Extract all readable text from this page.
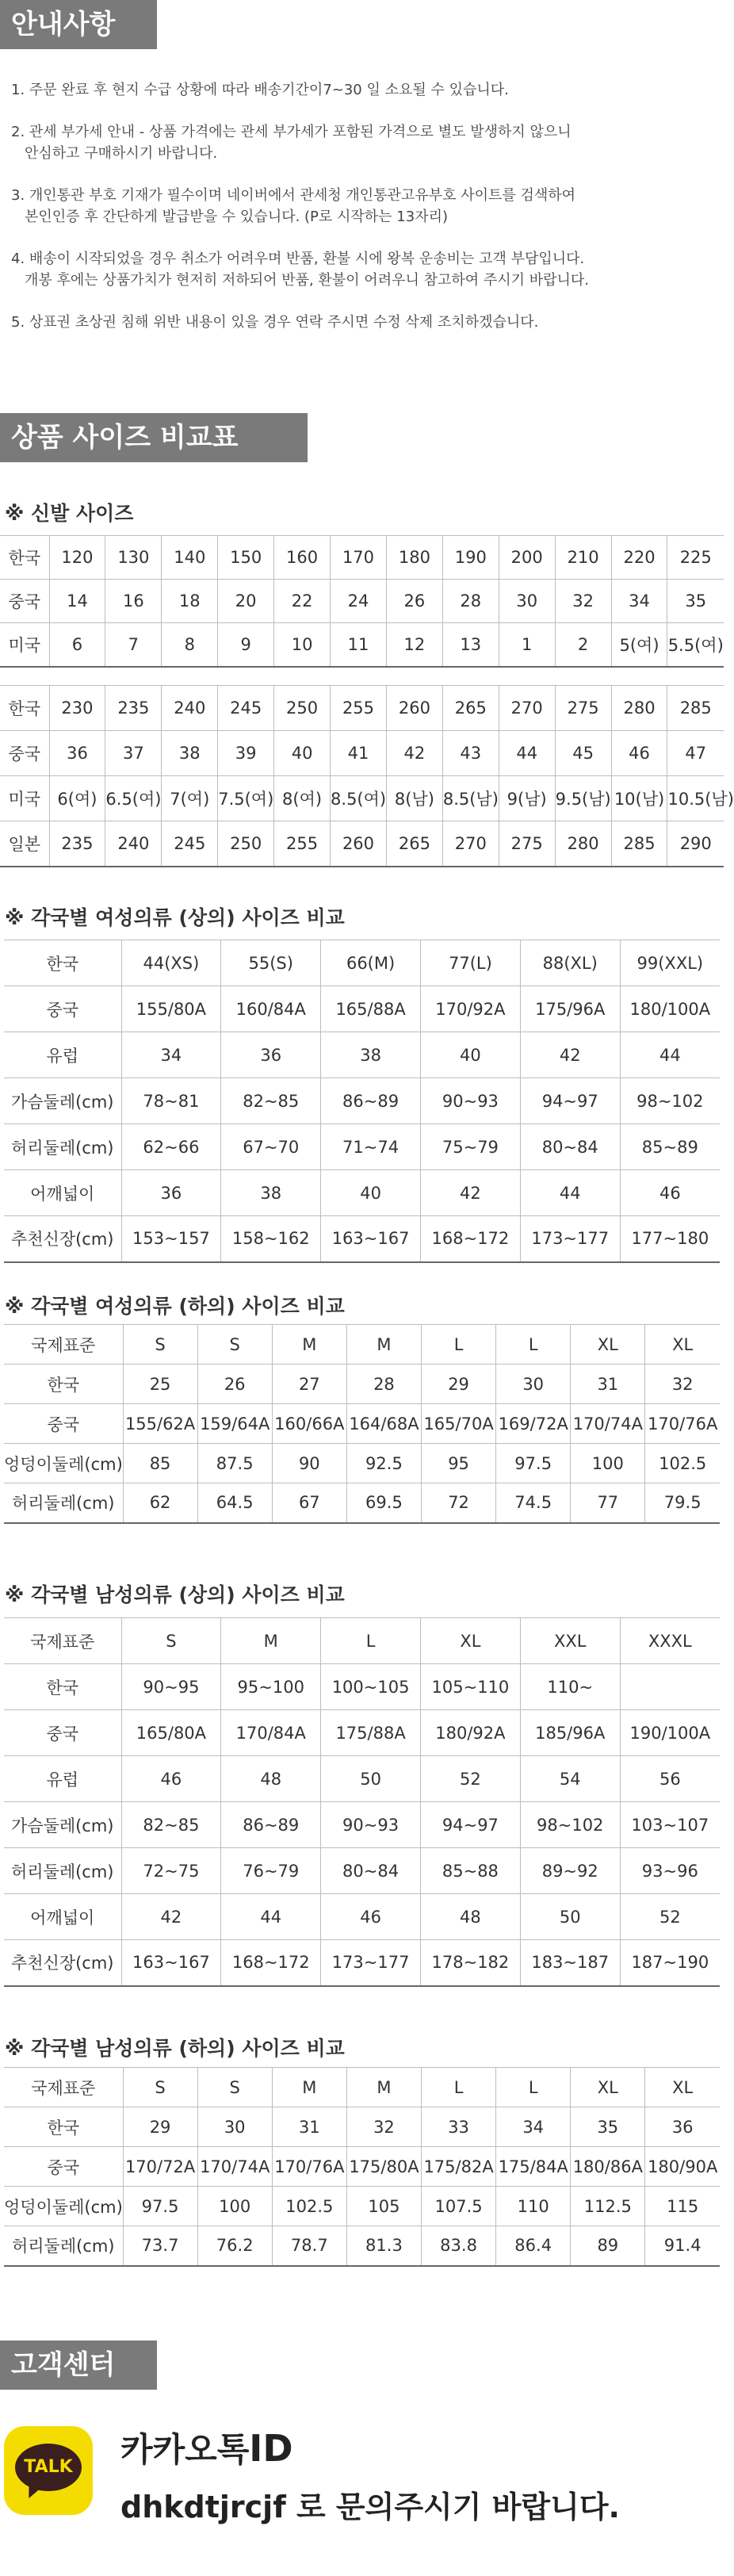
안내사항

1. 주문 완료 후 현지 수급 상황에 따라 배송기간이7~30 일 소요될 수 있습니다.

2. 관세 부가세 안내 - 상품 가격에는 관세 부가세가 포함된 가격으로 별도 발생하지 않으니
안심하고 구매하시기 바랍니다.

3. 개인통관 부호 기재가 필수이며 네이버에서 관세청 개인통관고유부호 사이트를 검색하여
본인인증 후 간단하게 발급받을 수 있습니다. (P로 시작하는 13자리)

4. 배송이 시작되었을 경우 취소가 어려우며 반품, 환불 시에 왕복 운송비는 고객 부담입니다.
개봉 후에는 상품가치가 현저히 저하되어 반품, 환불이 어려우니 참고하여 주시기 바랍니다.

5. 상표권 초상권 침해 위반 내용이 있을 경우 연락 주시면 수정 삭제 조치하겠습니다.

상품 사이즈 비교표
※ 신발 사이즈
한국	120	130	140	150	160	170	180	190	200	210	220	225
중국	14	16	18	20	22	24	26	28	30	32	34	35
미국	6	7	8	9	10	11	12	13	1	2	5(여)	5.5(여)
한국	230	235	240	245	250	255	260	265	270	275	280	285
중국	36	37	38	39	40	41	42	43	44	45	46	47
미국	6(여)	6.5(여)	7(여)	7.5(여)	8(여)	8.5(여)	8(남)	8.5(남)	9(남)	9.5(남)	10(남)	10.5(남)
일본	235	240	245	250	255	260	265	270	275	280	285	290
※ 각국별 여성의류 (상의) 사이즈 비교
한국	44(XS)	55(S)	66(M)	77(L)	88(XL)	99(XXL)
중국	155/80A	160/84A	165/88A	170/92A	175/96A	180/100A
유럽	34	36	38	40	42	44
가슴둘레(cm)	78~81	82~85	86~89	90~93	94~97	98~102
허리둘레(cm)	62~66	67~70	71~74	75~79	80~84	85~89
어깨넓이	36	38	40	42	44	46
추천신장(cm)	153~157	158~162	163~167	168~172	173~177	177~180
※ 각국별 여성의류 (하의) 사이즈 비교
국제표준	S	S	M	M	L	L	XL	XL
한국	25	26	27	28	29	30	31	32
중국	155/62A	159/64A	160/66A	164/68A	165/70A	169/72A	170/74A	170/76A
엉덩이둘레(cm)	85	87.5	90	92.5	95	97.5	100	102.5
허리둘레(cm)	62	64.5	67	69.5	72	74.5	77	79.5
※ 각국별 남성의류 (상의) 사이즈 비교
국제표준	S	M	L	XL	XXL	XXXL
한국	90~95	95~100	100~105	105~110	110~	
중국	165/80A	170/84A	175/88A	180/92A	185/96A	190/100A
유럽	46	48	50	52	54	56
가슴둘레(cm)	82~85	86~89	90~93	94~97	98~102	103~107
허리둘레(cm)	72~75	76~79	80~84	85~88	89~92	93~96
어깨넓이	42	44	46	48	50	52
추천신장(cm)	163~167	168~172	173~177	178~182	183~187	187~190
※ 각국별 남성의류 (하의) 사이즈 비교
국제표준	S	S	M	M	L	L	XL	XL
한국	29	30	31	32	33	34	35	36
중국	170/72A	170/74A	170/76A	175/80A	175/82A	175/84A	180/86A	180/90A
엉덩이둘레(cm)	97.5	100	102.5	105	107.5	110	112.5	115
허리둘레(cm)	73.7	76.2	78.7	81.3	83.8	86.4	89	91.4
고객센터
TALK 카카오톡ID
dhkdtjrcjf 로 문의주시기 바랍니다.
